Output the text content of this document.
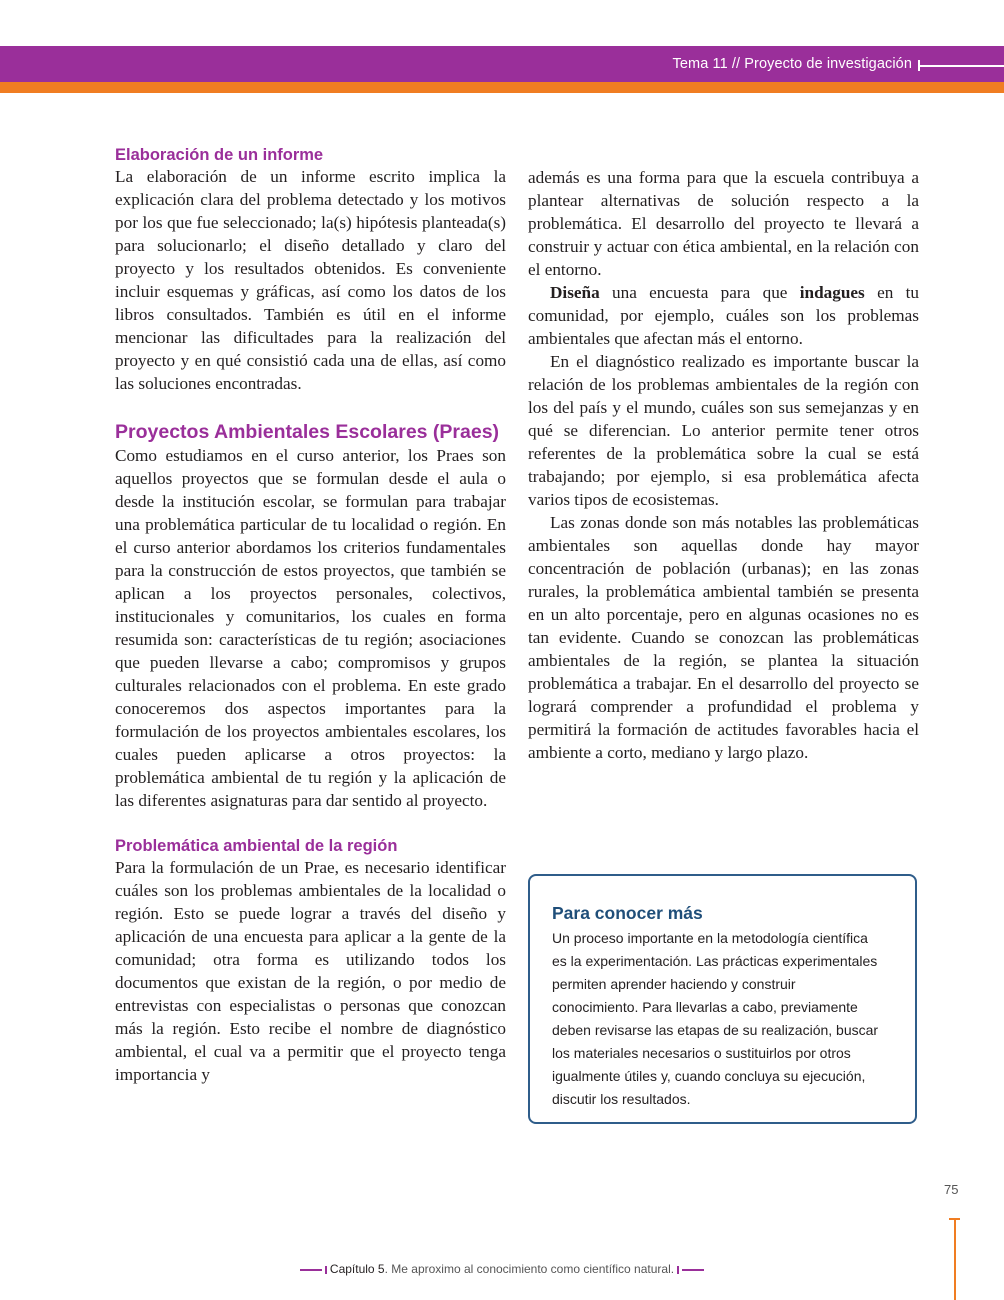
Tema 11 // Proyecto de investigación
Elaboración de un informe

La elaboración de un informe escrito implica la explicación clara del problema detectado y los motivos por los que fue seleccionado; la(s) hipótesis planteada(s) para solucionarlo; el diseño detallado y claro del proyecto y los resultados obtenidos. Es conveniente incluir esquemas y gráficas, así como los datos de los libros consultados. También es útil en el informe mencionar las dificultades para la realización del proyecto y en qué consistió cada una de ellas, así como las soluciones encontradas.

Proyectos Ambientales Escolares (Praes)

Como estudiamos en el curso anterior, los Praes son aquellos proyectos que se formulan desde el aula o desde la institución escolar, se formulan para trabajar una problemática particular de tu localidad o región. En el curso anterior abordamos los criterios fundamentales para la construcción de estos proyectos, que también se aplican a los proyectos personales, colectivos, institucionales y comunitarios, los cuales en forma resumida son: características de tu región; asociaciones que pueden llevarse a cabo; compromisos y grupos culturales relacionados con el problema. En este grado conoceremos dos aspectos importantes para la formulación de los proyectos ambientales escolares, los cuales pueden aplicarse a otros proyectos: la problemática ambiental de tu región y la aplicación de las diferentes asignaturas para dar sentido al proyecto.

Problemática ambiental de la región

Para la formulación de un Prae, es necesario identificar cuáles son los problemas ambientales de la localidad o región. Esto se puede lograr a través del diseño y aplicación de una encuesta para aplicar a la gente de la comunidad; otra forma es utilizando todos los documentos que existan de la región, o por medio de entrevistas con especialistas o personas que conozcan más la región. Esto recibe el nombre de diagnóstico ambiental, el cual va a permitir que el proyecto tenga importancia y

además es una forma para que la escuela contribuya a plantear alternativas de solución respecto a la problemática. El desarrollo del proyecto te llevará a construir y actuar con ética ambiental, en la relación con el entorno.

Diseña una encuesta para que indagues en tu comunidad, por ejemplo, cuáles son los problemas ambientales que afectan más el entorno.

En el diagnóstico realizado es importante buscar la relación de los problemas ambientales de la región con los del país y el mundo, cuáles son sus semejanzas y en qué se diferencian. Lo anterior permite tener otros referentes de la problemática sobre la cual se está trabajando; por ejemplo, si esa problemática afecta varios tipos de ecosistemas.

Las zonas donde son más notables las problemáticas ambientales son aquellas donde hay mayor concentración de población (urbanas); en las zonas rurales, la problemática ambiental también se presenta en un alto porcentaje, pero en algunas ocasiones no es tan evidente. Cuando se conozcan las problemáticas ambientales de la región, se plantea la situación problemática a trabajar. En el desarrollo del proyecto se logrará comprender a profundidad el problema y permitirá la formación de actitudes favorables hacia el ambiente a corto, mediano y largo plazo.

Para conocer más
Un proceso importante en la metodología científica
es la experimentación. Las prácticas experimentales
permiten aprender haciendo y construir
conocimiento. Para llevarlas a cabo, previamente
deben revisarse las etapas de su realización, buscar
los materiales necesarios o sustituirlos por otros
igualmente útiles y, cuando concluya su ejecución,
discutir los resultados.
75
Capítulo 5. Me aproximo al conocimiento como científico natural.
